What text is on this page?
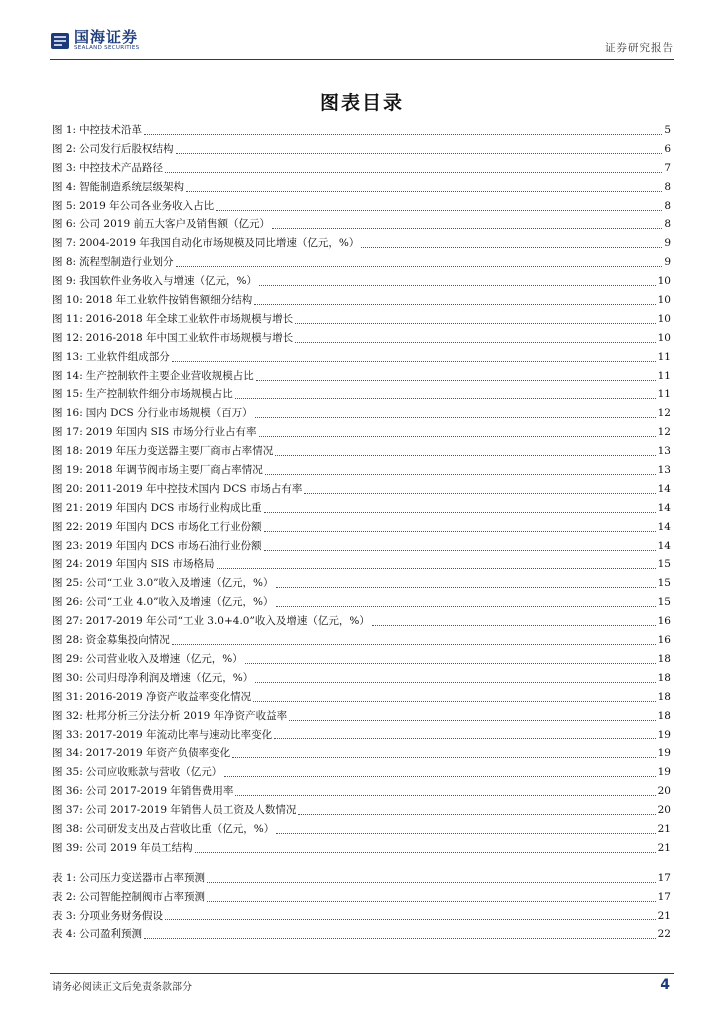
国海证券
SEALAND SECURITIES	证券研究报告
图表目录
图 1: 中控技术沿革	5
图 2: 公司发行后股权结构	6
图 3: 中控技术产品路径	7
图 4: 智能制造系统层级架构	8
图 5: 2019 年公司各业务收入占比	8
图 6: 公司 2019 前五大客户及销售额（亿元）	8
图 7: 2004-2019 年我国自动化市场规模及同比增速（亿元，%）	9
图 8: 流程型制造行业划分	9
图 9: 我国软件业务收入与增速（亿元，%）	10
图 10: 2018 年工业软件按销售额细分结构	10
图 11: 2016-2018 年全球工业软件市场规模与增长	10
图 12: 2016-2018 年中国工业软件市场规模与增长	10
图 13: 工业软件组成部分	11
图 14: 生产控制软件主要企业营收规模占比	11
图 15: 生产控制软件细分市场规模占比	11
图 16: 国内 DCS 分行业市场规模（百万）	12
图 17: 2019 年国内 SIS 市场分行业占有率	12
图 18: 2019 年压力变送器主要厂商市占率情况	13
图 19: 2018 年调节阀市场主要厂商占率情况	13
图 20: 2011-2019 年中控技术国内 DCS 市场占有率	14
图 21: 2019 年国内 DCS 市场行业构成比重	14
图 22: 2019 年国内 DCS 市场化工行业份额	14
图 23: 2019 年国内 DCS 市场石油行业份额	14
图 24: 2019 年国内 SIS 市场格局	15
图 25: 公司“工业 3.0”收入及增速（亿元，%）	15
图 26: 公司“工业 4.0”收入及增速（亿元，%）	15
图 27: 2017-2019 年公司“工业 3.0+4.0”收入及增速（亿元，%）	16
图 28: 资金募集投向情况	16
图 29: 公司营业收入及增速（亿元，%）	18
图 30: 公司归母净利润及增速（亿元，%）	18
图 31: 2016-2019 净资产收益率变化情况	18
图 32: 杜邦分析三分法分析 2019 年净资产收益率	18
图 33: 2017-2019 年流动比率与速动比率变化	19
图 34: 2017-2019 年资产负债率变化	19
图 35: 公司应收账款与营收（亿元）	19
图 36: 公司 2017-2019 年销售费用率	20
图 37: 公司 2017-2019 年销售人员工资及人数情况	20
图 38: 公司研发支出及占营收比重（亿元，%）	21
图 39: 公司 2019 年员工结构	21
表 1: 公司压力变送器市占率预测	17
表 2: 公司智能控制阀市占率预测	17
表 3: 分项业务财务假设	21
表 4: 公司盈利预测	22
请务必阅读正文后免责条款部分	4
